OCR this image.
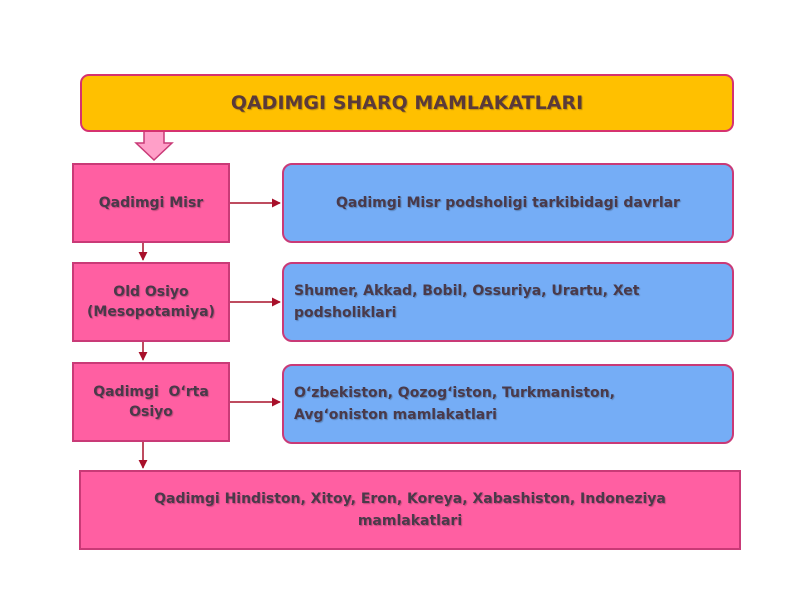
QADIMGI SHARQ MAMLAKATLARI
Qadimgi Misr
Old Osiyo
(Mesopotamiya)
Qadimgi  O‘rta
Osiyo
Qadimgi Misr podsholigi tarkibidagi davrlar
Shumer, Akkad, Bobil, Ossuriya, Urartu, Xet
podsholiklari
O‘zbekiston, Qozogʻiston, Turkmaniston,
Avgʻoniston mamlakatlari
Qadimgi Hindiston, Xitoy, Eron, Koreya, Xabashiston, Indoneziya
mamlakatlari
